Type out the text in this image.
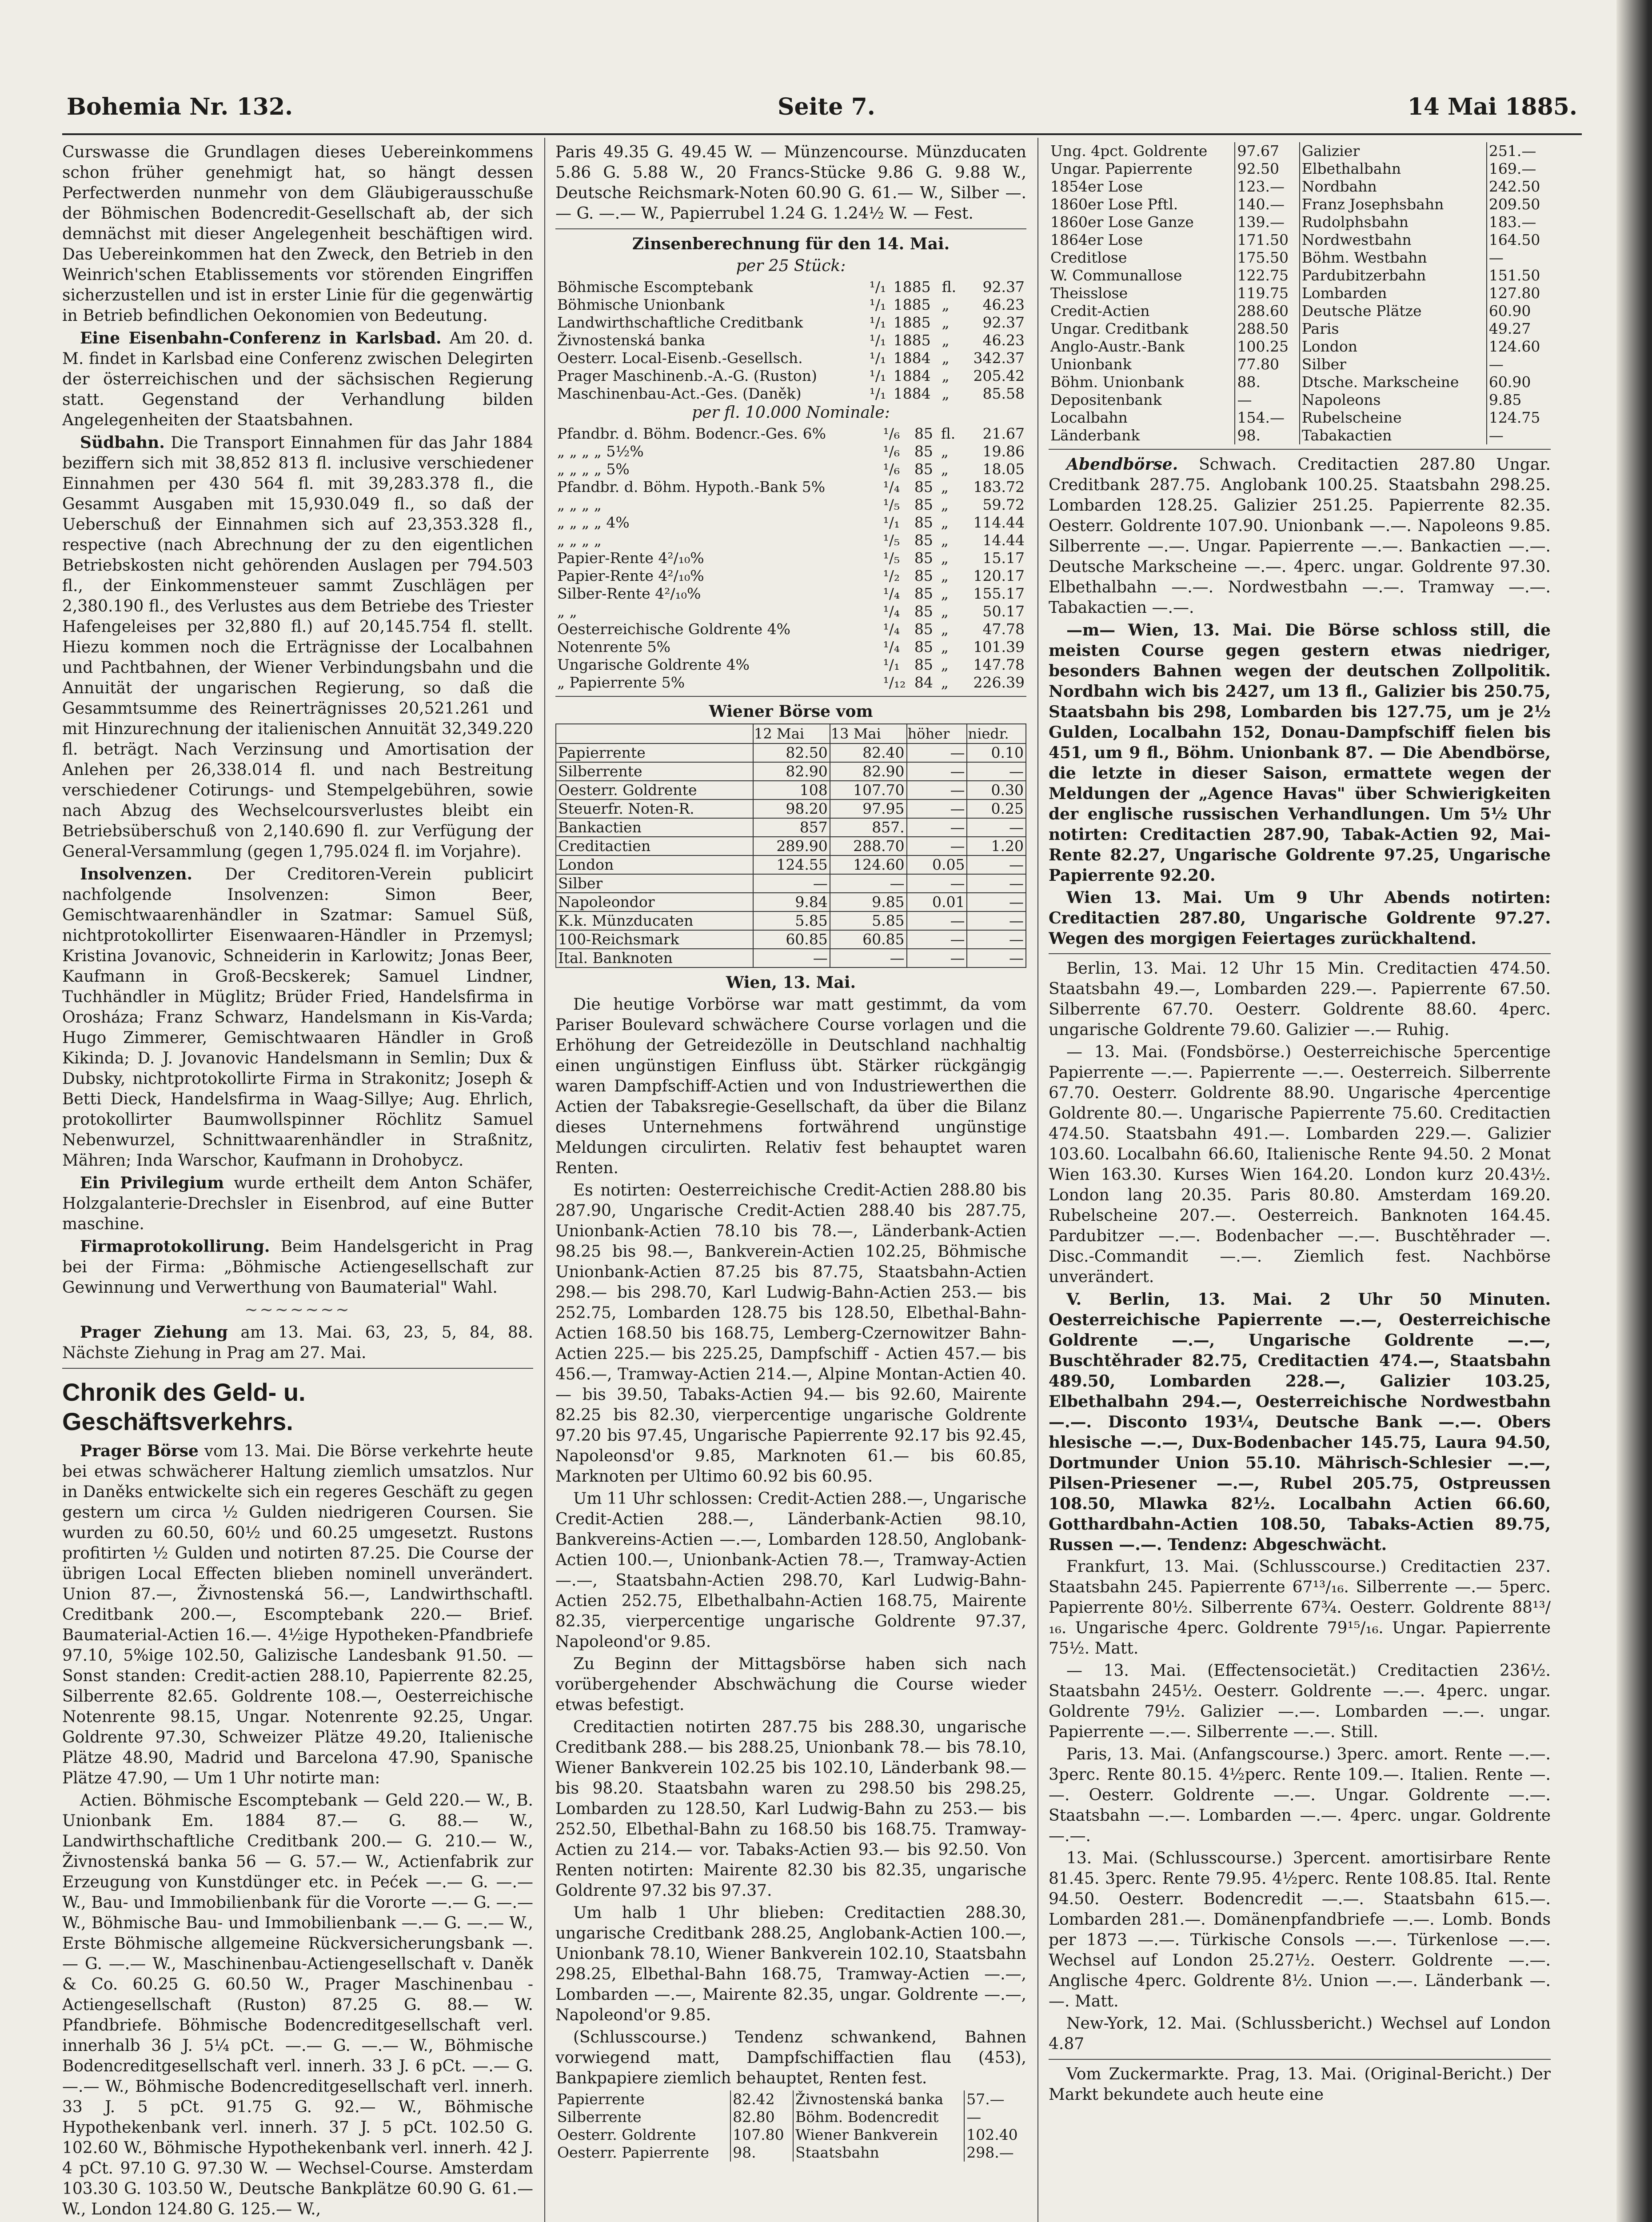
Bohemia Nr. 132.	Seite 7.	14 Mai 1885.

Curswasse die Grundlagen dieses Uebereinkommens schon früher genehmigt hat, so hängt dessen Perfectwerden nunmehr von dem Gläubigerausschuße der Böhmischen Bodencredit-Gesellschaft ab, der sich demnächst mit dieser Angelegenheit beschäftigen wird. Das Uebereinkommen hat den Zweck, den Betrieb in den Weinrich'schen Etablissements vor störenden Eingriffen sicherzustellen und ist in erster Linie für die gegenwärtig in Betrieb befindlichen Oekonomien von Bedeutung.

Eine Eisenbahn-Conferenz in Karlsbad. Am 20. d. M. findet in Karlsbad eine Conferenz zwischen Delegirten der österreichischen und der sächsischen Regierung statt. Gegenstand der Verhandlung bilden Angelegenheiten der Staatsbahnen.

Südbahn. Die Transport Einnahmen für das Jahr 1884 beziffern sich mit 38,852 813 fl. inclusive verschiedener Einnahmen per 430 564 fl. mit 39,283.378 fl., die Gesammt Ausgaben mit 15,930.049 fl., so daß der Ueberschuß der Einnahmen sich auf 23,353.328 fl., respective (nach Abrechnung der zu den eigentlichen Betriebskosten nicht gehörenden Auslagen per 794.503 fl., der Einkommensteuer sammt Zuschlägen per 2,380.190 fl., des Verlustes aus dem Betriebe des Triester Hafengeleises per 32,880 fl.) auf 20,145.754 fl. stellt. Hiezu kommen noch die Erträgnisse der Localbahnen und Pachtbahnen, der Wiener Verbindungsbahn und die Annuität der ungarischen Regierung, so daß die Gesammtsumme des Reinerträgnisses 20,521.261 und mit Hinzurechnung der italienischen Annuität 32,349.220 fl. beträgt. Nach Verzinsung und Amortisation der Anlehen per 26,338.014 fl. und nach Bestreitung verschiedener Cotirungs- und Stempelgebühren, sowie nach Abzug des Wechselcoursverlustes bleibt ein Betriebsüberschuß von 2,140.690 fl. zur Verfügung der General-Versammlung (gegen 1,795.024 fl. im Vorjahre).

Insolvenzen. Der Creditoren-Verein publicirt nachfolgende Insolvenzen: Simon Beer, Gemischtwaarenhändler in Szatmar: Samuel Süß, nichtprotokollirter Eisenwaaren-Händler in Przemysl; Kristina Jovanovic, Schneiderin in Karlowitz; Jonas Beer, Kaufmann in Groß-Becskerek; Samuel Lindner, Tuchhändler in Müglitz; Brüder Fried, Handelsfirma in Orosháza; Franz Schwarz, Handelsmann in Kis-Varda; Hugo Zimmerer, Gemischtwaaren Händler in Groß Kikinda; D. J. Jovanovic Handelsmann in Semlin; Dux & Dubsky, nichtprotokollirte Firma in Strakonitz; Joseph & Betti Dieck, Handelsfirma in Waag-Sillye; Aug. Ehrlich, protokollirter Baumwollspinner Röchlitz Samuel Nebenwurzel, Schnittwaarenhändler in Straßnitz, Mähren; Inda Warschor, Kaufmann in Drohobycz.

Ein Privilegium wurde ertheilt dem Anton Schäfer, Holzgalanterie-Drechsler in Eisenbrod, auf eine Butter maschine.

Firmaprotokollirung. Beim Handelsgericht in Prag bei der Firma: „Böhmische Actiengesellschaft zur Gewinnung und Verwerthung von Baumaterial" Wahl.

~~~~~~~

Prager Ziehung am 13. Mai. 63, 23, 5, 84, 88. Nächste Ziehung in Prag am 27. Mai.

Chronik des Geld- u. Geschäftsverkehrs.

Prager Börse vom 13. Mai. Die Börse verkehrte heute bei etwas schwächerer Haltung ziemlich umsatzlos. Nur in Daněks entwickelte sich ein regeres Geschäft zu gegen gestern um circa ½ Gulden niedrigeren Coursen. Sie wurden zu 60.50, 60½ und 60.25 umgesetzt. Rustons profitirten ½ Gulden und notirten 87.25. Die Course der übrigen Local Effecten blieben nominell unverändert. Union 87.—, Živnostenská 56.—, Landwirthschaftl. Creditbank 200.—, Escomptebank 220.— Brief. Baumaterial-Actien 16.—. 4½ige Hypotheken-Pfandbriefe 97.10, 5%ige 102.50, Galizische Landesbank 91.50. — Sonst standen: Credit-actien 288.10, Papierrente 82.25, Silberrente 82.65. Goldrente 108.—, Oesterreichische Notenrente 98.15, Ungar. Notenrente 92.25, Ungar. Goldrente 97.30, Schweizer Plätze 49.20, Italienische Plätze 48.90, Madrid und Barcelona 47.90, Spanische Plätze 47.90, — Um 1 Uhr notirte man:

Actien. Böhmische Escomptebank — Geld 220.— W., B. Unionbank Em. 1884 87.— G. 88.— W., Landwirthschaftliche Creditbank 200.— G. 210.— W., Živnostenská banka 56 — G. 57.— W., Actienfabrik zur Erzeugung von Kunstdünger etc. in Pećek —.— G. —.— W., Bau- und Immobilienbank für die Vororte —.— G. —.— W., Böhmische Bau- und Immobilienbank —.— G. —.— W., Erste Böhmische allgemeine Rückversicherungsbank —.— G. —.— W., Maschinenbau-Actiengesellschaft v. Daněk & Co. 60.25 G. 60.50 W., Prager Maschinenbau - Actiengesellschaft (Ruston) 87.25 G. 88.— W. Pfandbriefe. Böhmische Bodencreditgesellschaft verl. innerhalb 36 J. 5¼ pCt. —.— G. —.— W., Böhmische Bodencreditgesellschaft verl. innerh. 33 J. 6 pCt. —.— G. —.— W., Böhmische Bodencreditgesellschaft verl. innerh. 33 J. 5 pCt. 91.75 G. 92.— W., Böhmische Hypothekenbank verl. innerh. 37 J. 5 pCt. 102.50 G. 102.60 W., Böhmische Hypothekenbank verl. innerh. 42 J. 4 pCt. 97.10 G. 97.30 W. — Wechsel-Course. Amsterdam 103.30 G. 103.50 W., Deutsche Bankplätze 60.90 G. 61.— W., London 124.80 G. 125.— W.,

Paris 49.35 G. 49.45 W. — Münzencourse. Münzducaten 5.86 G. 5.88 W., 20 Francs-Stücke 9.86 G. 9.88 W., Deutsche Reichsmark-Noten 60.90 G. 61.— W., Silber —.— G. —.— W., Papierrubel 1.24 G. 1.24½ W. — Fest.

Zinsenberechnung für den 14. Mai.

per 25 Stück:

Böhmische Escomptebank	¹/₁	1885	fl.	92.37
Böhmische Unionbank	¹/₁	1885	„	46.23
Landwirthschaftliche Creditbank	¹/₁	1885	„	92.37
Živnostenská banka	¹/₁	1885	„	46.23
Oesterr. Local-Eisenb.-Gesellsch.	¹/₁	1884	„	342.37
Prager Maschinenb.-A.-G. (Ruston)	¹/₁	1884	„	205.42
Maschinenbau-Act.-Ges. (Daněk)	¹/₁	1884	„	85.58

per fl. 10.000 Nominale:

Pfandbr. d. Böhm. Bodencr.-Ges. 6%	¹/₆	85	fl.	21.67
„ „ „ „ 5½%	¹/₆	85	„	19.86
„ „ „ „ 5%	¹/₆	85	„	18.05
Pfandbr. d. Böhm. Hypoth.-Bank 5%	¹/₄	85	„	183.72
„ „ „ „	¹/₅	85	„	59.72
„ „ „ „ 4%	¹/₁	85	„	114.44
„ „ „ „	¹/₅	85	„	14.44
Papier-Rente 4²/₁₀%	¹/₅	85	„	15.17
Papier-Rente 4²/₁₀%	¹/₂	85	„	120.17
Silber-Rente 4²/₁₀%	¹/₄	85	„	155.17
„ „	¹/₄	85	„	50.17
Oesterreichische Goldrente 4%	¹/₄	85	„	47.78
Notenrente 5%	¹/₄	85	„	101.39
Ungarische Goldrente 4%	¹/₁	85	„	147.78
„ Papierrente 5%	¹/₁₂	84	„	226.39

Wiener Börse vom

	12 Mai	13 Mai	höher	niedr.
Papierrente	82.50	82.40	—	0.10
Silberrente	82.90	82.90	—	—
Oesterr. Goldrente	108	107.70	—	0.30
Steuerfr. Noten-R.	98.20	97.95	—	0.25
Bankactien	857	857.	—	—
Creditactien	289.90	288.70	—	1.20
London	124.55	124.60	0.05	—
Silber	—	—	—	—
Napoleondor	9.84	9.85	0.01	—
K.k. Münzducaten	5.85	5.85	—	—
100-Reichsmark	60.85	60.85	—	—
Ital. Banknoten	—	—	—	—

Wien, 13. Mai.

Die heutige Vorbörse war matt gestimmt, da vom Pariser Boulevard schwächere Course vorlagen und die Erhöhung der Getreidezölle in Deutschland nachhaltig einen ungünstigen Einfluss übt. Stärker rückgängig waren Dampfschiff-Actien und von Industriewerthen die Actien der Tabaksregie-Gesellschaft, da über die Bilanz dieses Unternehmens fortwährend ungünstige Meldungen circulirten. Relativ fest behauptet waren Renten.

Es notirten: Oesterreichische Credit-Actien 288.80 bis 287.90, Ungarische Credit-Actien 288.40 bis 287.75, Unionbank-Actien 78.10 bis 78.—, Länderbank-Actien 98.25 bis 98.—, Bankverein-Actien 102.25, Böhmische Unionbank-Actien 87.25 bis 87.75, Staatsbahn-Actien 298.— bis 298.70, Karl Ludwig-Bahn-Actien 253.— bis 252.75, Lombarden 128.75 bis 128.50, Elbethal-Bahn-Actien 168.50 bis 168.75, Lemberg-Czernowitzer Bahn-Actien 225.— bis 225.25, Dampfschiff - Actien 457.— bis 456.—, Tramway-Actien 214.—, Alpine Montan-Actien 40.— bis 39.50, Tabaks-Actien 94.— bis 92.60, Mairente 82.25 bis 82.30, vierpercentige ungarische Goldrente 97.20 bis 97.45, Ungarische Papierrente 92.17 bis 92.45, Napoleonsd'or 9.85, Marknoten 61.— bis 60.85, Marknoten per Ultimo 60.92 bis 60.95.

Um 11 Uhr schlossen: Credit-Actien 288.—, Ungarische Credit-Actien 288.—, Länderbank-Actien 98.10, Bankvereins-Actien —.—, Lombarden 128.50, Anglobank-Actien 100.—, Unionbank-Actien 78.—, Tramway-Actien —.—, Staatsbahn-Actien 298.70, Karl Ludwig-Bahn-Actien 252.75, Elbethalbahn-Actien 168.75, Mairente 82.35, vierpercentige ungarische Goldrente 97.37, Napoleond'or 9.85.

Zu Beginn der Mittagsbörse haben sich nach vorübergehender Abschwächung die Course wieder etwas befestigt.

Creditactien notirten 287.75 bis 288.30, ungarische Creditbank 288.— bis 288.25, Unionbank 78.— bis 78.10, Wiener Bankverein 102.25 bis 102.10, Länderbank 98.— bis 98.20. Staatsbahn waren zu 298.50 bis 298.25, Lombarden zu 128.50, Karl Ludwig-Bahn zu 253.— bis 252.50, Elbethal-Bahn zu 168.50 bis 168.75. Tramway-Actien zu 214.— vor. Tabaks-Actien 93.— bis 92.50. Von Renten notirten: Mairente 82.30 bis 82.35, ungarische Goldrente 97.32 bis 97.37.

Um halb 1 Uhr blieben: Creditactien 288.30, ungarische Creditbank 288.25, Anglobank-Actien 100.—, Unionbank 78.10, Wiener Bankverein 102.10, Staatsbahn 298.25, Elbethal-Bahn 168.75, Tramway-Actien —.—, Lombarden —.—, Mairente 82.35, ungar. Goldrente —.—, Napoleond'or 9.85.

(Schlusscourse.) Tendenz schwankend, Bahnen vorwiegend matt, Dampfschiffactien flau (453), Bankpapiere ziemlich behauptet, Renten fest.

Papierrente	82.42	Živnostenská banka	57.—
Silberrente	82.80	Böhm. Bodencredit	—
Oesterr. Goldrente	107.80	Wiener Bankverein	102.40
Oesterr. Papierrente	98.	Staatsbahn	298.—
Ung. 4pct. Goldrente	97.67	Galizier	251.—
Ungar. Papierrente	92.50	Elbethalbahn	169.—
1854er Lose	123.—	Nordbahn	242.50
1860er Lose Pftl.	140.—	Franz Josephsbahn	209.50
1860er Lose Ganze	139.—	Rudolphsbahn	183.—
1864er Lose	171.50	Nordwestbahn	164.50
Creditlose	175.50	Böhm. Westbahn	—
W. Communallose	122.75	Pardubitzerbahn	151.50
Theisslose	119.75	Lombarden	127.80
Credit-Actien	288.60	Deutsche Plätze	60.90
Ungar. Creditbank	288.50	Paris	49.27
Anglo-Austr.-Bank	100.25	London	124.60
Unionbank	77.80	Silber	—
Böhm. Unionbank	88.	Dtsche. Markscheine	60.90
Depositenbank	—	Napoleons	9.85
Localbahn	154.—	Rubelscheine	124.75
Länderbank	98.	Tabakactien	—

Abendbörse. Schwach. Creditactien 287.80 Ungar. Creditbank 287.75. Anglobank 100.25. Staatsbahn 298.25. Lombarden 128.25. Galizier 251.25. Papierrente 82.35. Oesterr. Goldrente 107.90. Unionbank —.—. Napoleons 9.85. Silberrente —.—. Ungar. Papierrente —.—. Bankactien —.—. Deutsche Markscheine —.—. 4perc. ungar. Goldrente 97.30. Elbethalbahn —.—. Nordwestbahn —.—. Tramway —.—. Tabakactien —.—.

—m— Wien, 13. Mai. Die Börse schloss still, die meisten Course gegen gestern etwas niedriger, besonders Bahnen wegen der deutschen Zollpolitik. Nordbahn wich bis 2427, um 13 fl., Galizier bis 250.75, Staatsbahn bis 298, Lombarden bis 127.75, um je 2½ Gulden, Localbahn 152, Donau-Dampfschiff fielen bis 451, um 9 fl., Böhm. Unionbank 87. — Die Abendbörse, die letzte in dieser Saison, ermattete wegen der Meldungen der „Agence Havas" über Schwierigkeiten der englische russischen Verhandlungen. Um 5½ Uhr notirten: Creditactien 287.90, Tabak-Actien 92, Mai-Rente 82.27, Ungarische Goldrente 97.25, Ungarische Papierrente 92.20.

Wien 13. Mai. Um 9 Uhr Abends notirten: Creditactien 287.80, Ungarische Goldrente 97.27. Wegen des morgigen Feiertages zurückhaltend.

Berlin, 13. Mai. 12 Uhr 15 Min. Creditactien 474.50. Staatsbahn 49.—, Lombarden 229.—. Papierrente 67.50. Silberrente 67.70. Oesterr. Goldrente 88.60. 4perc. ungarische Goldrente 79.60. Galizier —.— Ruhig.

— 13. Mai. (Fondsbörse.) Oesterreichische 5percentige Papierrente —.—. Papierrente —.—. Oesterreich. Silberrente 67.70. Oesterr. Goldrente 88.90. Ungarische 4percentige Goldrente 80.—. Ungarische Papierrente 75.60. Creditactien 474.50. Staatsbahn 491.—. Lombarden 229.—. Galizier 103.60. Localbahn 66.60, Italienische Rente 94.50. 2 Monat Wien 163.30. Kurses Wien 164.20. London kurz 20.43½. London lang 20.35. Paris 80.80. Amsterdam 169.20. Rubelscheine 207.—. Oesterreich. Banknoten 164.45. Pardubitzer —.—. Bodenbacher —.—. Buschtěhrader —. Disc.-Commandit —.—. Ziemlich fest. Nachbörse unverändert.

V. Berlin, 13. Mai. 2 Uhr 50 Minuten. Oesterreichische Papierrente —.—, Oesterreichische Goldrente —.—, Ungarische Goldrente —.—, Buschtěhrader 82.75, Creditactien 474.—, Staatsbahn 489.50, Lombarden 228.—, Galizier 103.25, Elbethalbahn 294.—, Oesterreichische Nordwestbahn —.—. Disconto 193¼, Deutsche Bank —.—. Obers hlesische —.—, Dux-Bodenbacher 145.75, Laura 94.50, Dortmunder Union 55.10. Mährisch-Schlesier —.—, Pilsen-Priesener —.—, Rubel 205.75, Ostpreussen 108.50, Mlawka 82½. Localbahn Actien 66.60, Gotthardbahn-Actien 108.50, Tabaks-Actien 89.75, Russen —.—. Tendenz: Abgeschwächt.

Frankfurt, 13. Mai. (Schlusscourse.) Creditactien 237. Staatsbahn 245. Papierrente 67¹³/₁₆. Silberrente —.— 5perc. Papierrente 80½. Silberrente 67¾. Oesterr. Goldrente 88¹³/₁₆. Ungarische 4perc. Goldrente 79¹⁵/₁₆. Ungar. Papierrente 75½. Matt.

— 13. Mai. (Effectensocietät.) Creditactien 236½. Staatsbahn 245½. Oesterr. Goldrente —.—. 4perc. ungar. Goldrente 79½. Galizier —.—. Lombarden —.—. ungar. Papierrente —.—. Silberrente —.—. Still.

Paris, 13. Mai. (Anfangscourse.) 3perc. amort. Rente —.—. 3perc. Rente 80.15. 4½perc. Rente 109.—. Italien. Rente —.—. Oesterr. Goldrente —.—. Ungar. Goldrente —.—. Staatsbahn —.—. Lombarden —.—. 4perc. ungar. Goldrente —.—.

13. Mai. (Schlusscourse.) 3percent. amortisirbare Rente 81.45. 3perc. Rente 79.95. 4½perc. Rente 108.85. Ital. Rente 94.50. Oesterr. Bodencredit —.—. Staatsbahn 615.—. Lombarden 281.—. Domänenpfandbriefe —.—. Lomb. Bonds per 1873 —.—. Türkische Consols —.—. Türkenlose —.—. Wechsel auf London 25.27½. Oesterr. Goldrente —.—. Anglische 4perc. Goldrente 8½. Union —.—. Länderbank —.—. Matt.

New-York, 12. Mai. (Schlussbericht.) Wechsel auf London 4.87

Vom Zuckermarkte. Prag, 13. Mai. (Original-Bericht.) Der Markt bekundete auch heute eine
